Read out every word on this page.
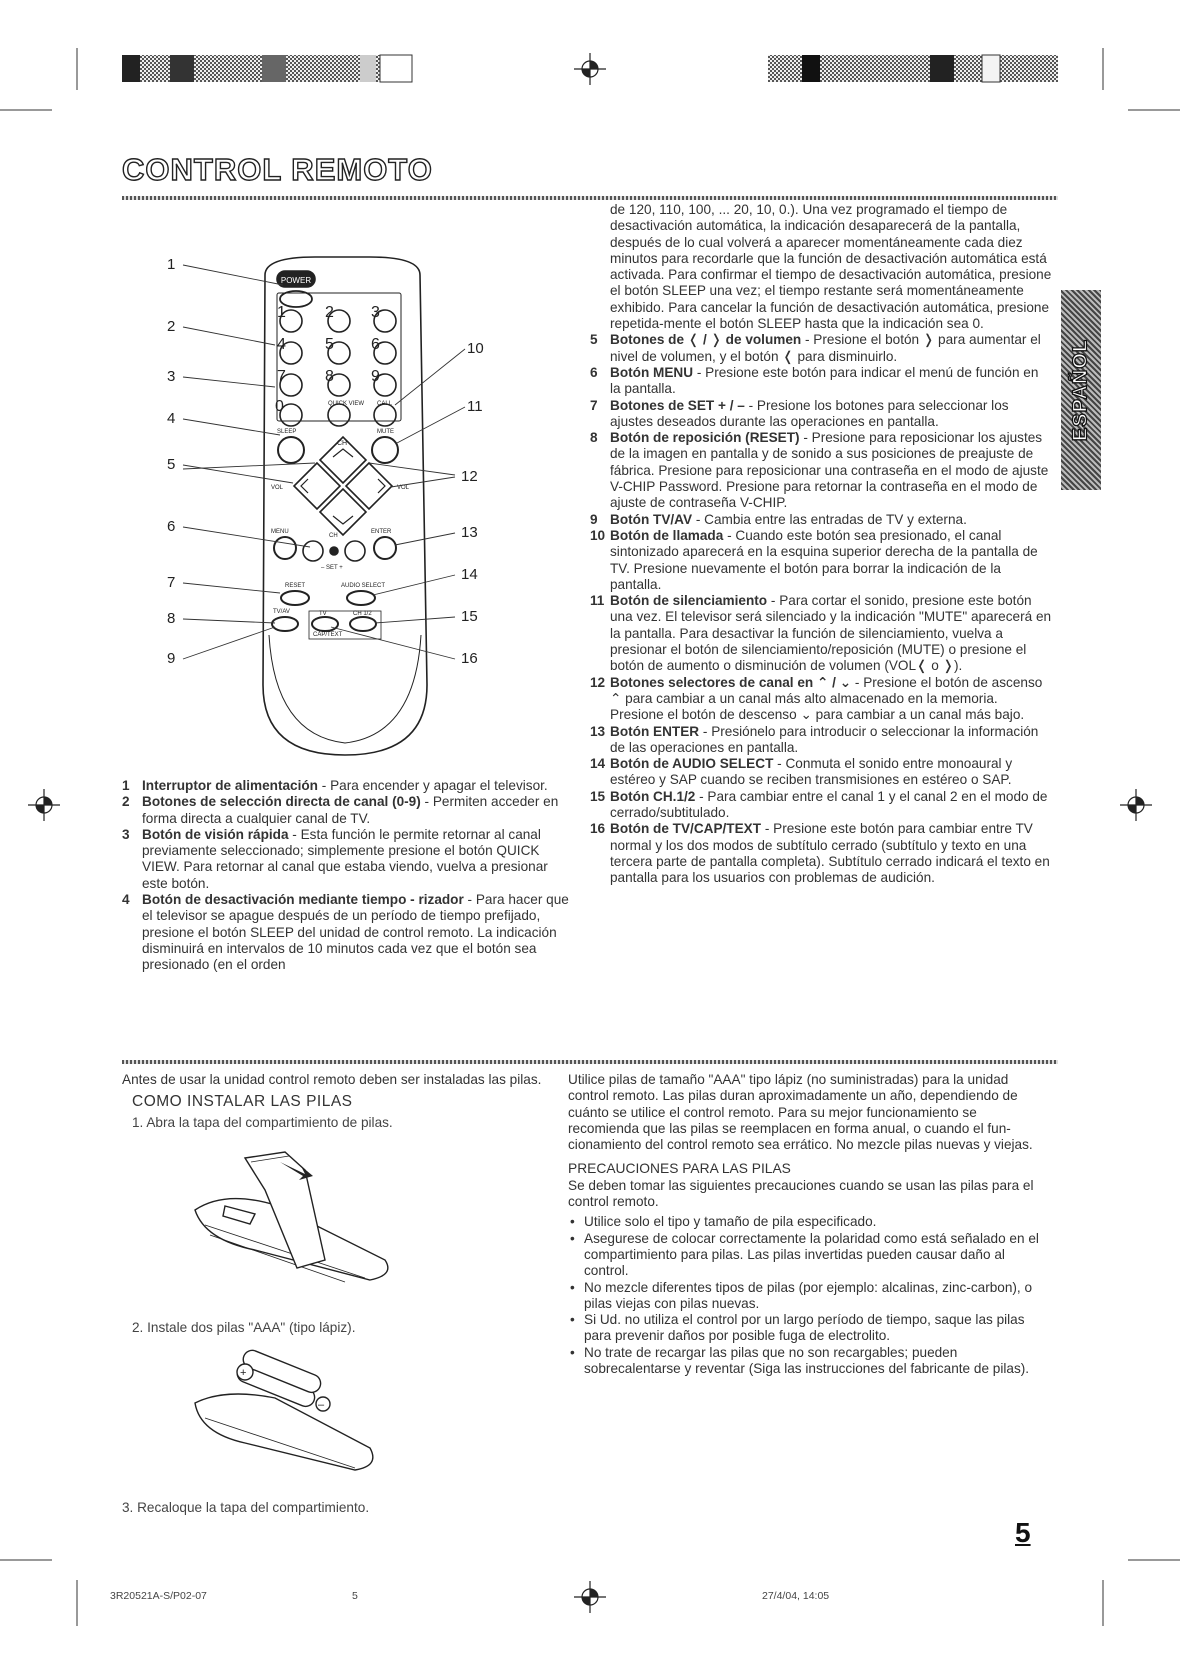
CONTROL REMOTO
ESPAÑOL
POWER
1 2 3
4 5 6
7 8 9
0	QUICK VIEW CALL
SLEEP	MUTE
CH
VOL	VOL
MENU	ENTER
CH
– SET +
RESET	AUDIO SELECT
TV/AV	TV	CH 1/2
CAP/TEXT
1
2
3
4
5
6
7
8
9
10
11
12
13
14
15
16
1 Interruptor de alimentación - Para encender y apagar el televisor.
2 Botones de selección directa de canal (0-9) - Permiten acceder en forma directa a cualquier canal de TV.
3 Botón de visión rápida - Esta función le permite retornar al canal previamente seleccionado; simplemente presione el botón QUICK VIEW. Para retornar al canal que estaba viendo, vuelva a presionar este botón.
4 Botón de desactivación mediante tiempo - rizador - Para hacer que el televisor se apague después de un período de tiempo prefijado, presione el botón SLEEP del unidad de control remoto. La indicación disminuirá en intervalos de 10 minutos cada vez que el botón sea presionado (en el orden

de 120, 110, 100, ... 20, 10, 0.). Una vez programado el tiempo de desactivación automática, la indicación desaparecerá de la pantalla, después de lo cual volverá a aparecer momentáneamente cada diez minutos para recordarle que la función de desactivación automática está activada. Para confirmar el tiempo de desactivación automática, presione el botón SLEEP una vez; el tiempo restante será momentáneamente exhibido. Para cancelar la función de desactivación automática, presione repetida-mente el botón SLEEP hasta que la indicación sea 0.

5 Botones de ❬ / ❭ de volumen - Presione el botón ❭ para aumentar el nivel de volumen, y el botón ❬ para disminuirlo.
6 Botón MENU - Presione este botón para indicar el menú de función en la pantalla.
7 Botones de SET + / – - Presione los botones para seleccionar los ajustes deseados durante las operaciones en pantalla.
8 Botón de reposición (RESET) - Presione para reposicionar los ajustes de la imagen en pantalla y de sonido a sus posiciones de preajuste de fábrica. Presione para reposicionar una contraseña en el modo de ajuste V-CHIP Password. Presione para retornar la contraseña en el modo de ajuste de contraseña V-CHIP.
9 Botón TV/AV - Cambia entre las entradas de TV y externa.
10 Botón de llamada - Cuando este botón sea presionado, el canal sintonizado aparecerá en la esquina superior derecha de la pantalla de TV. Presione nuevamente el botón para borrar la indicación de la pantalla.
11 Botón de silenciamiento - Para cortar el sonido, presione este botón una vez. El televisor será silenciado y la indicación "MUTE" aparecerá en la pantalla. Para desactivar la función de silenciamiento, vuelva a presionar el botón de silenciamiento/reposición (MUTE) o presione el botón de aumento o disminución de volumen (VOL❬ o ❭).
12 Botones selectores de canal en ⌃ / ⌄ - Presione el botón de ascenso ⌃ para cambiar a un canal más alto almacenado en la memoria. Presione el botón de descenso ⌄ para cambiar a un canal más bajo.
13 Botón ENTER - Presiónelo para introducir o seleccionar la información de las operaciones en pantalla.
14 Botón de AUDIO SELECT - Conmuta el sonido entre monoaural y estéreo y SAP cuando se reciben transmisiones en estéreo o SAP.
15 Botón CH.1/2 - Para cambiar entre el canal 1 y el canal 2 en el modo de cerrado/subtitulado.
16 Botón de TV/CAP/TEXT - Presione este botón para cambiar entre TV normal y los dos modos de subtítulo cerrado (subtítulo y texto en una tercera parte de pantalla completa). Subtítulo cerrado indicará el texto en pantalla para los usuarios con problemas de audición.

Antes de usar la unidad control remoto deben ser instaladas las pilas.

COMO INSTALAR LAS PILAS

1. Abra la tapa del compartimiento de pilas.

2. Instale dos pilas "AAA" (tipo lápiz).
+
–
3. Recaloque la tapa del compartimiento.

Utilice pilas de tamaño "AAA" tipo lápiz (no suministradas) para la unidad control remoto. Las pilas duran aproximadamente un año, dependiendo de cuánto se utilice el control remoto. Para su mejor funcionamiento se recomienda que las pilas se reemplacen en forma anual, o cuando el fun-cionamiento del control remoto sea errático. No mezcle pilas nuevas y viejas.

PRECAUCIONES PARA LAS PILAS

Se deben tomar las siguientes precauciones cuando se usan las pilas para el control remoto.

• Utilice solo el tipo y tamaño de pila especificado.
• Asegurese de colocar correctamente la polaridad como está señalado en el compartimiento para pilas. Las pilas invertidas pueden causar daño al control.
• No mezcle diferentes tipos de pilas (por ejemplo: alcalinas, zinc-carbon), o pilas viejas con pilas nuevas.
• Si Ud. no utiliza el control por un largo período de tiempo, saque las pilas para prevenir daños por posible fuga de electrolito.
• No trate de recargar las pilas que no son recargables; pueden sobrecalentarse y reventar (Siga las instrucciones del fabricante de pilas).
5
3R20521A-S/P02-07	5	27/4/04, 14:05
